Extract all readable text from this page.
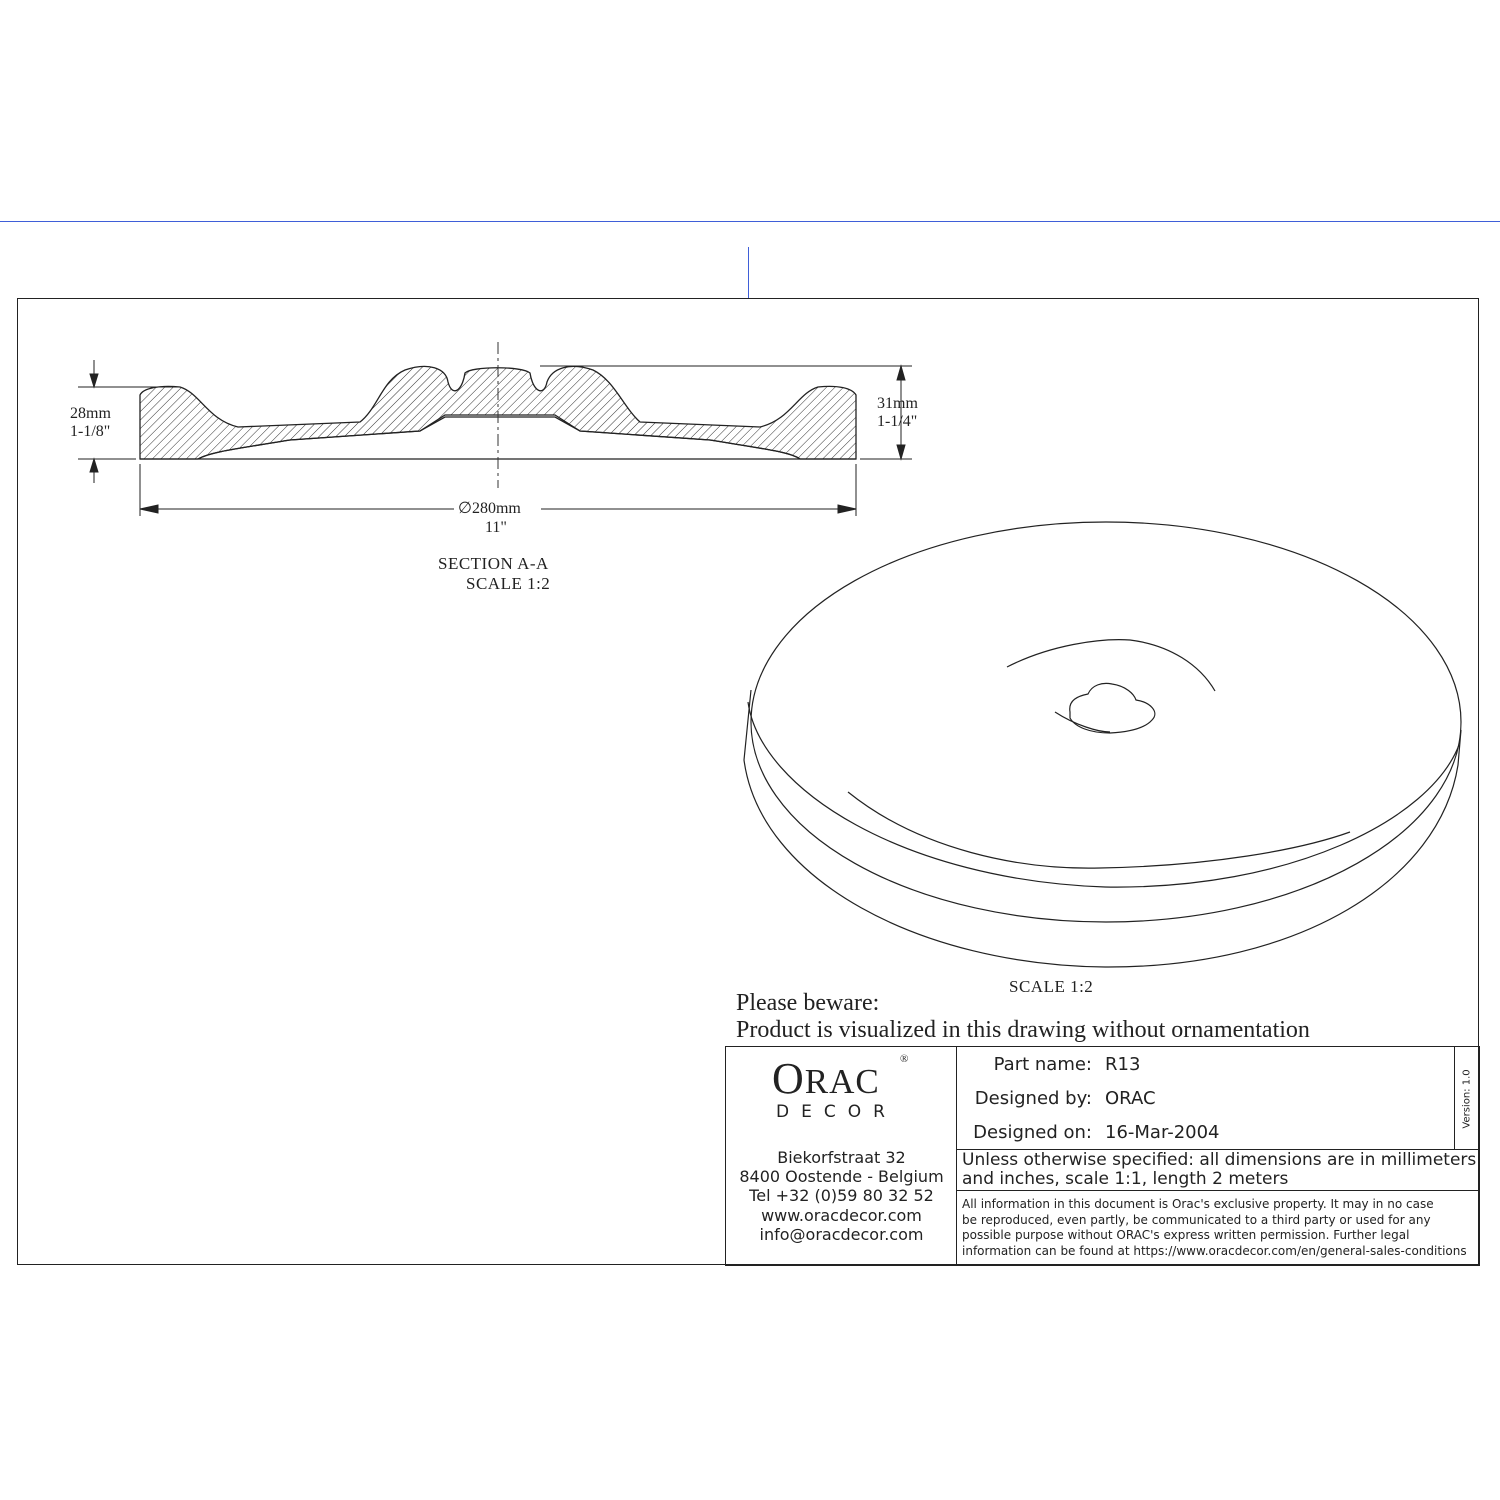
28mm
1-1/8"
31mm
1-1/4"
∅280mm
11"
SECTION A-A
SCALE 1:2
SCALE 1:2
Please beware:
Product is visualized in this drawing without ornamentation
ORAC
®
DECOR
Biekorfstraat 32
8400 Oostende - Belgium
Tel +32 (0)59 80 32 52
www.oracdecor.com
info@oracdecor.com
Part name: R13
Designed by: ORAC
Designed on: 16-Mar-2004
Version: 1.0
Unless otherwise specified: all dimensions are in millimeters
and inches, scale 1:1, length 2 meters
All information in this document is Orac's exclusive property. It may in no case
be reproduced, even partly, be communicated to a third party or used for any
possible purpose without ORAC's express written permission. Further legal
information can be found at https://www.oracdecor.com/en/general-sales-conditions
